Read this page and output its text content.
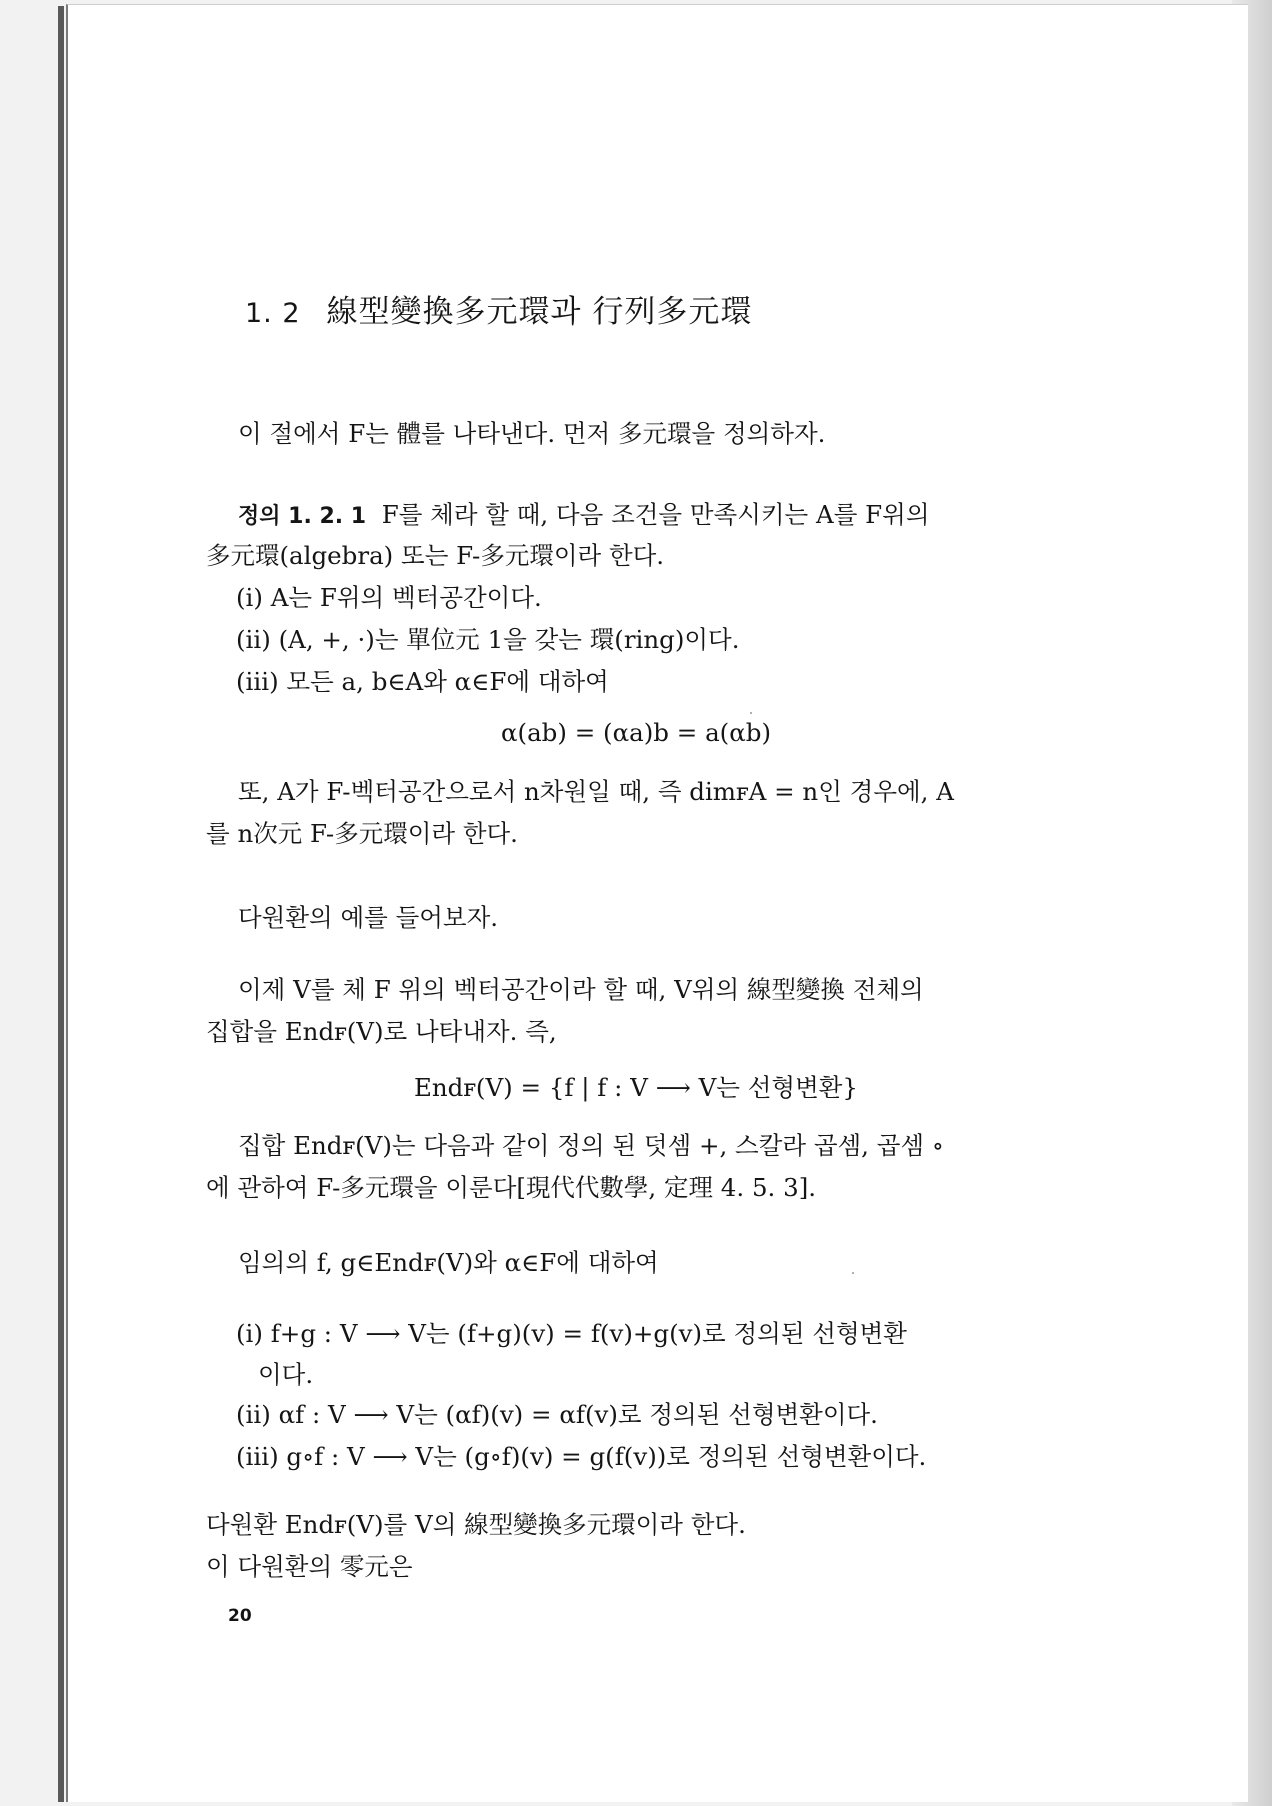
1. 2 線型變換多元環과 行列多元環
이 절에서 F는 體를 나타낸다. 먼저 多元環을 정의하자.
정의 1. 2. 1 F를 체라 할 때, 다음 조건을 만족시키는 A를 F위의
多元環(algebra) 또는 F-多元環이라 한다.
(i) A는 F위의 벡터공간이다.
(ii) (A, +, ·)는 單位元 1을 갖는 環(ring)이다.
(iii) 모든 a, b∈A와 α∈F에 대하여
α(ab) = (αa)b = a(αb)
또, A가 F-벡터공간으로서 n차원일 때, 즉 dimꜰA = n인 경우에, A
를 n次元 F-多元環이라 한다.
다원환의 예를 들어보자.
이제 V를 체 F 위의 벡터공간이라 할 때, V위의 線型變換 전체의
집합을 Endꜰ(V)로 나타내자. 즉,
Endꜰ(V) = {f | f : V ⟶ V는 선형변환}
집합 Endꜰ(V)는 다음과 같이 정의 된 덧셈 +, 스칼라 곱셈, 곱셈 ∘
에 관하여 F-多元環을 이룬다[現代代數學, 定理 4. 5. 3].
임의의 f, g∈Endꜰ(V)와 α∈F에 대하여
(i) f+g : V ⟶ V는 (f+g)(v) = f(v)+g(v)로 정의된 선형변환
이다.
(ii) αf : V ⟶ V는 (αf)(v) = αf(v)로 정의된 선형변환이다.
(iii) g∘f : V ⟶ V는 (g∘f)(v) = g(f(v))로 정의된 선형변환이다.
다원환 Endꜰ(V)를 V의 線型變換多元環이라 한다.
이 다원환의 零元은
20
